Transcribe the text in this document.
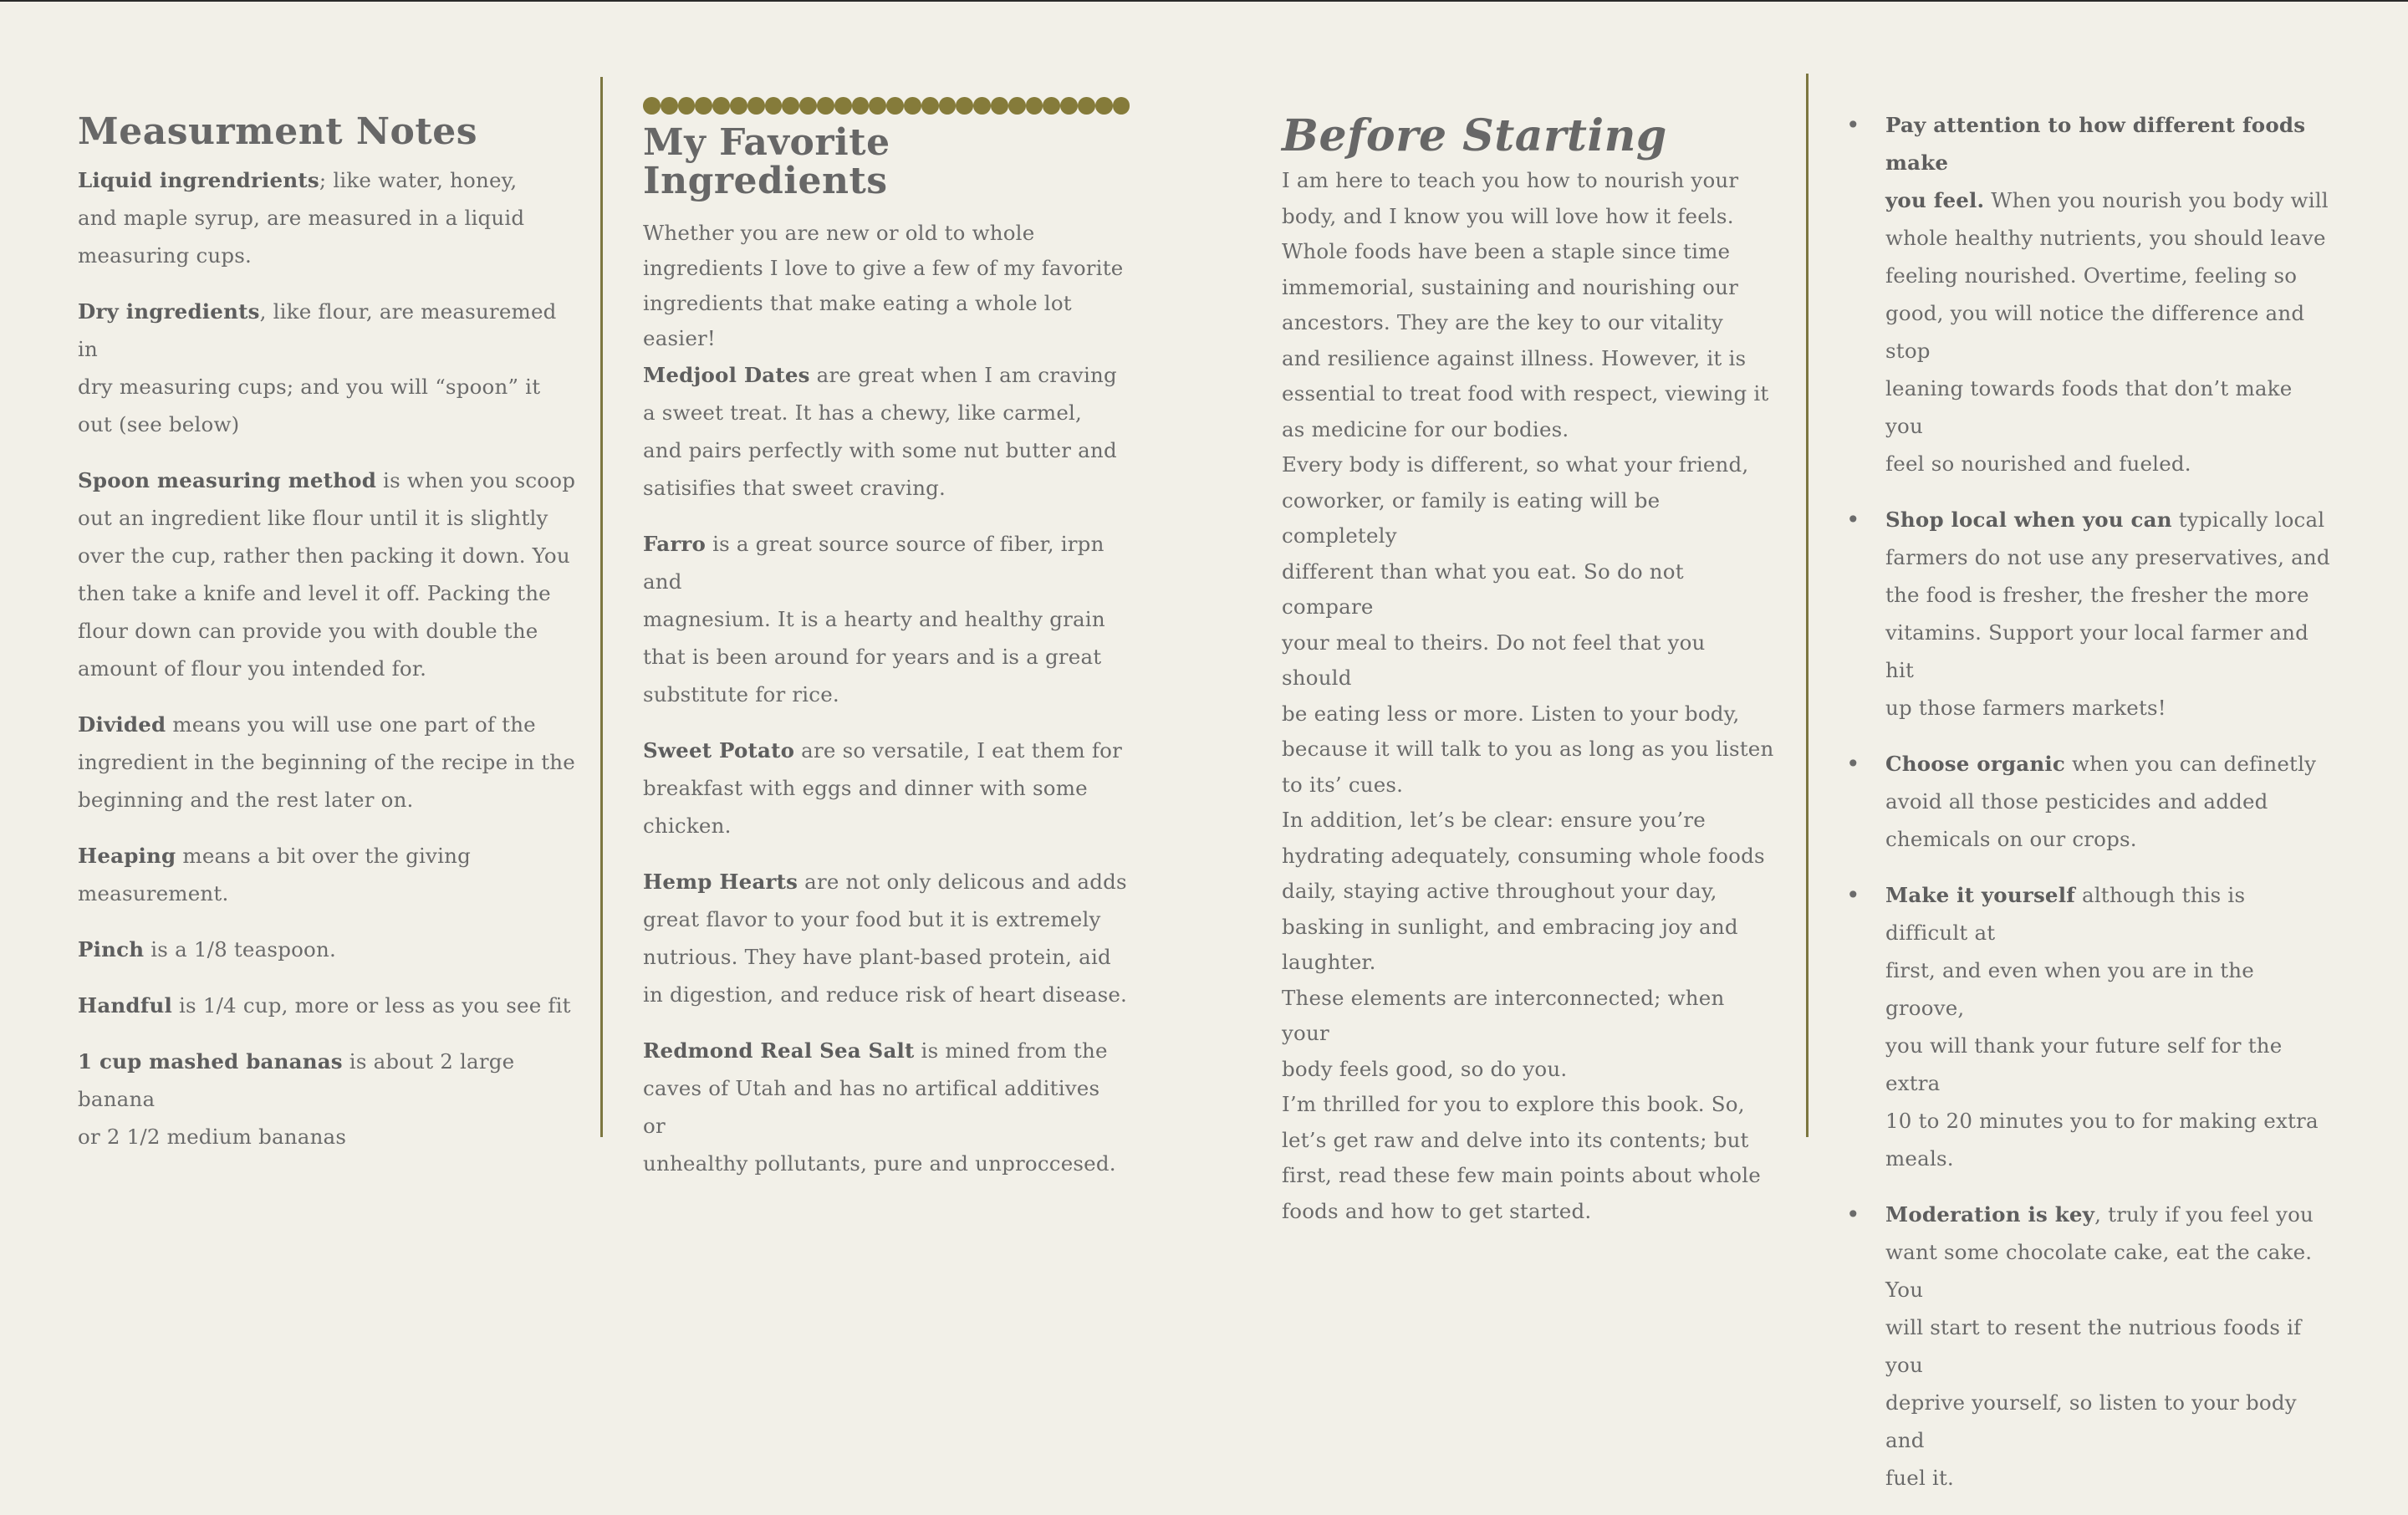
Measurment Notes

Liquid ingrendrients; like water, honey,
and maple syrup, are measured in a liquid
measuring cups.

Dry ingredients, like flour, are measuremed in
dry measuring cups; and you will “spoon” it
out (see below)

Spoon measuring method is when you scoop
out an ingredient like flour until it is slightly
over the cup, rather then packing it down. You
then take a knife and level it off. Packing the
flour down can provide you with double the
amount of flour you intended for.

Divided means you will use one part of the
ingredient in the beginning of the recipe in the
beginning and the rest later on.

Heaping means a bit over the giving
measurement.

Pinch is a 1/8 teaspoon.

Handful is 1/4 cup, more or less as you see fit

1 cup mashed bananas is about 2 large banana
or 2 1/2 medium bananas

My Favorite
Ingredients

Whether you are new or old to whole
ingredients I love to give a few of my favorite
ingredients that make eating a whole lot easier!

Medjool Dates are great when I am craving
a sweet treat. It has a chewy, like carmel,
and pairs perfectly with some nut butter and
satisifies that sweet craving.

Farro is a great source source of fiber, irpn and
magnesium. It is a hearty and healthy grain
that is been around for years and is a great
substitute for rice.

Sweet Potato are so versatile, I eat them for
breakfast with eggs and dinner with some
chicken.

Hemp Hearts are not only delicous and adds
great flavor to your food but it is extremely
nutrious. They have plant-based protein, aid
in digestion, and reduce risk of heart disease.

Redmond Real Sea Salt is mined from the
caves of Utah and has no artifical additives or
unhealthy pollutants, pure and unproccesed.

Before Starting

I am here to teach you how to nourish your
body, and I know you will love how it feels.
Whole foods have been a staple since time
immemorial, sustaining and nourishing our
ancestors. They are the key to our vitality
and resilience against illness. However, it is
essential to treat food with respect, viewing it
as medicine for our bodies.
Every body is different, so what your friend,
coworker, or family is eating will be completely
different than what you eat. So do not compare
your meal to theirs. Do not feel that you should
be eating less or more. Listen to your body,
because it will talk to you as long as you listen
to its’ cues.
In addition, let’s be clear: ensure you’re
hydrating adequately, consuming whole foods
daily, staying active throughout your day,
basking in sunlight, and embracing joy and
laughter.
These elements are interconnected; when your
body feels good, so do you.
I’m thrilled for you to explore this book. So,
let’s get raw and delve into its contents; but
first, read these few main points about whole
foods and how to get started.

• Pay attention to how different foods make
you feel. When you nourish you body will
whole healthy nutrients, you should leave
feeling nourished. Overtime, feeling so
good, you will notice the difference and stop
leaning towards foods that don’t make you
feel so nourished and fueled.

• Shop local when you can typically local
farmers do not use any preservatives, and
the food is fresher, the fresher the more
vitamins. Support your local farmer and hit
up those farmers markets!

• Choose organic when you can definetly
avoid all those pesticides and added
chemicals on our crops.

• Make it yourself although this is difficult at
first, and even when you are in the groove,
you will thank your future self for the extra
10 to 20 minutes you to for making extra
meals.

• Moderation is key, truly if you feel you
want some chocolate cake, eat the cake. You
will start to resent the nutrious foods if you
deprive yourself, so listen to your body and
fuel it.
